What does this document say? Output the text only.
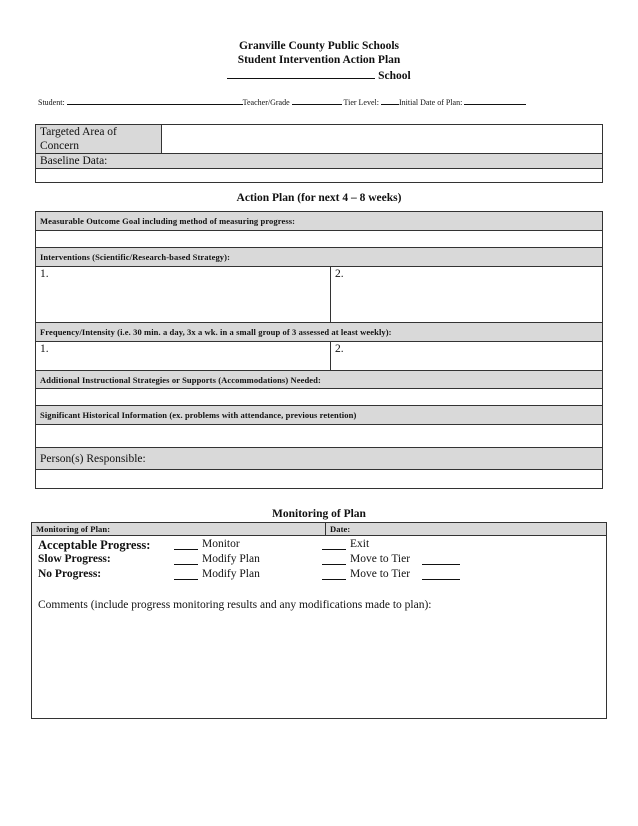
Granville County Public Schools
Student Intervention Action Plan
School
Student:	Teacher/Grade	Tier Level:	Initial Date of Plan:
Targeted Area of Concern	
Baseline Data:

Action Plan (for next 4 – 8 weeks)
Measurable Outcome Goal including method of measuring progress:	

Interventions (Scientific/Research-based Strategy):	
1.	2.
Frequency/Intensity (i.e. 30 min. a day, 3x a wk. in a small group of 3 assessed at least weekly):	
1.	2.
Additional Instructional Strategies or Supports (Accommodations) Needed:	

Significant Historical Information (ex. problems with attendance, previous retention)	

Person(s) Responsible:	

Monitoring of Plan
Monitoring of Plan:	Date:

Acceptable Progress:	Monitor	Exit
Slow Progress:	Modify Plan	Move to Tier
No Progress:	Modify Plan	Move to Tier
Comments (include progress monitoring results and any modifications made to plan):
